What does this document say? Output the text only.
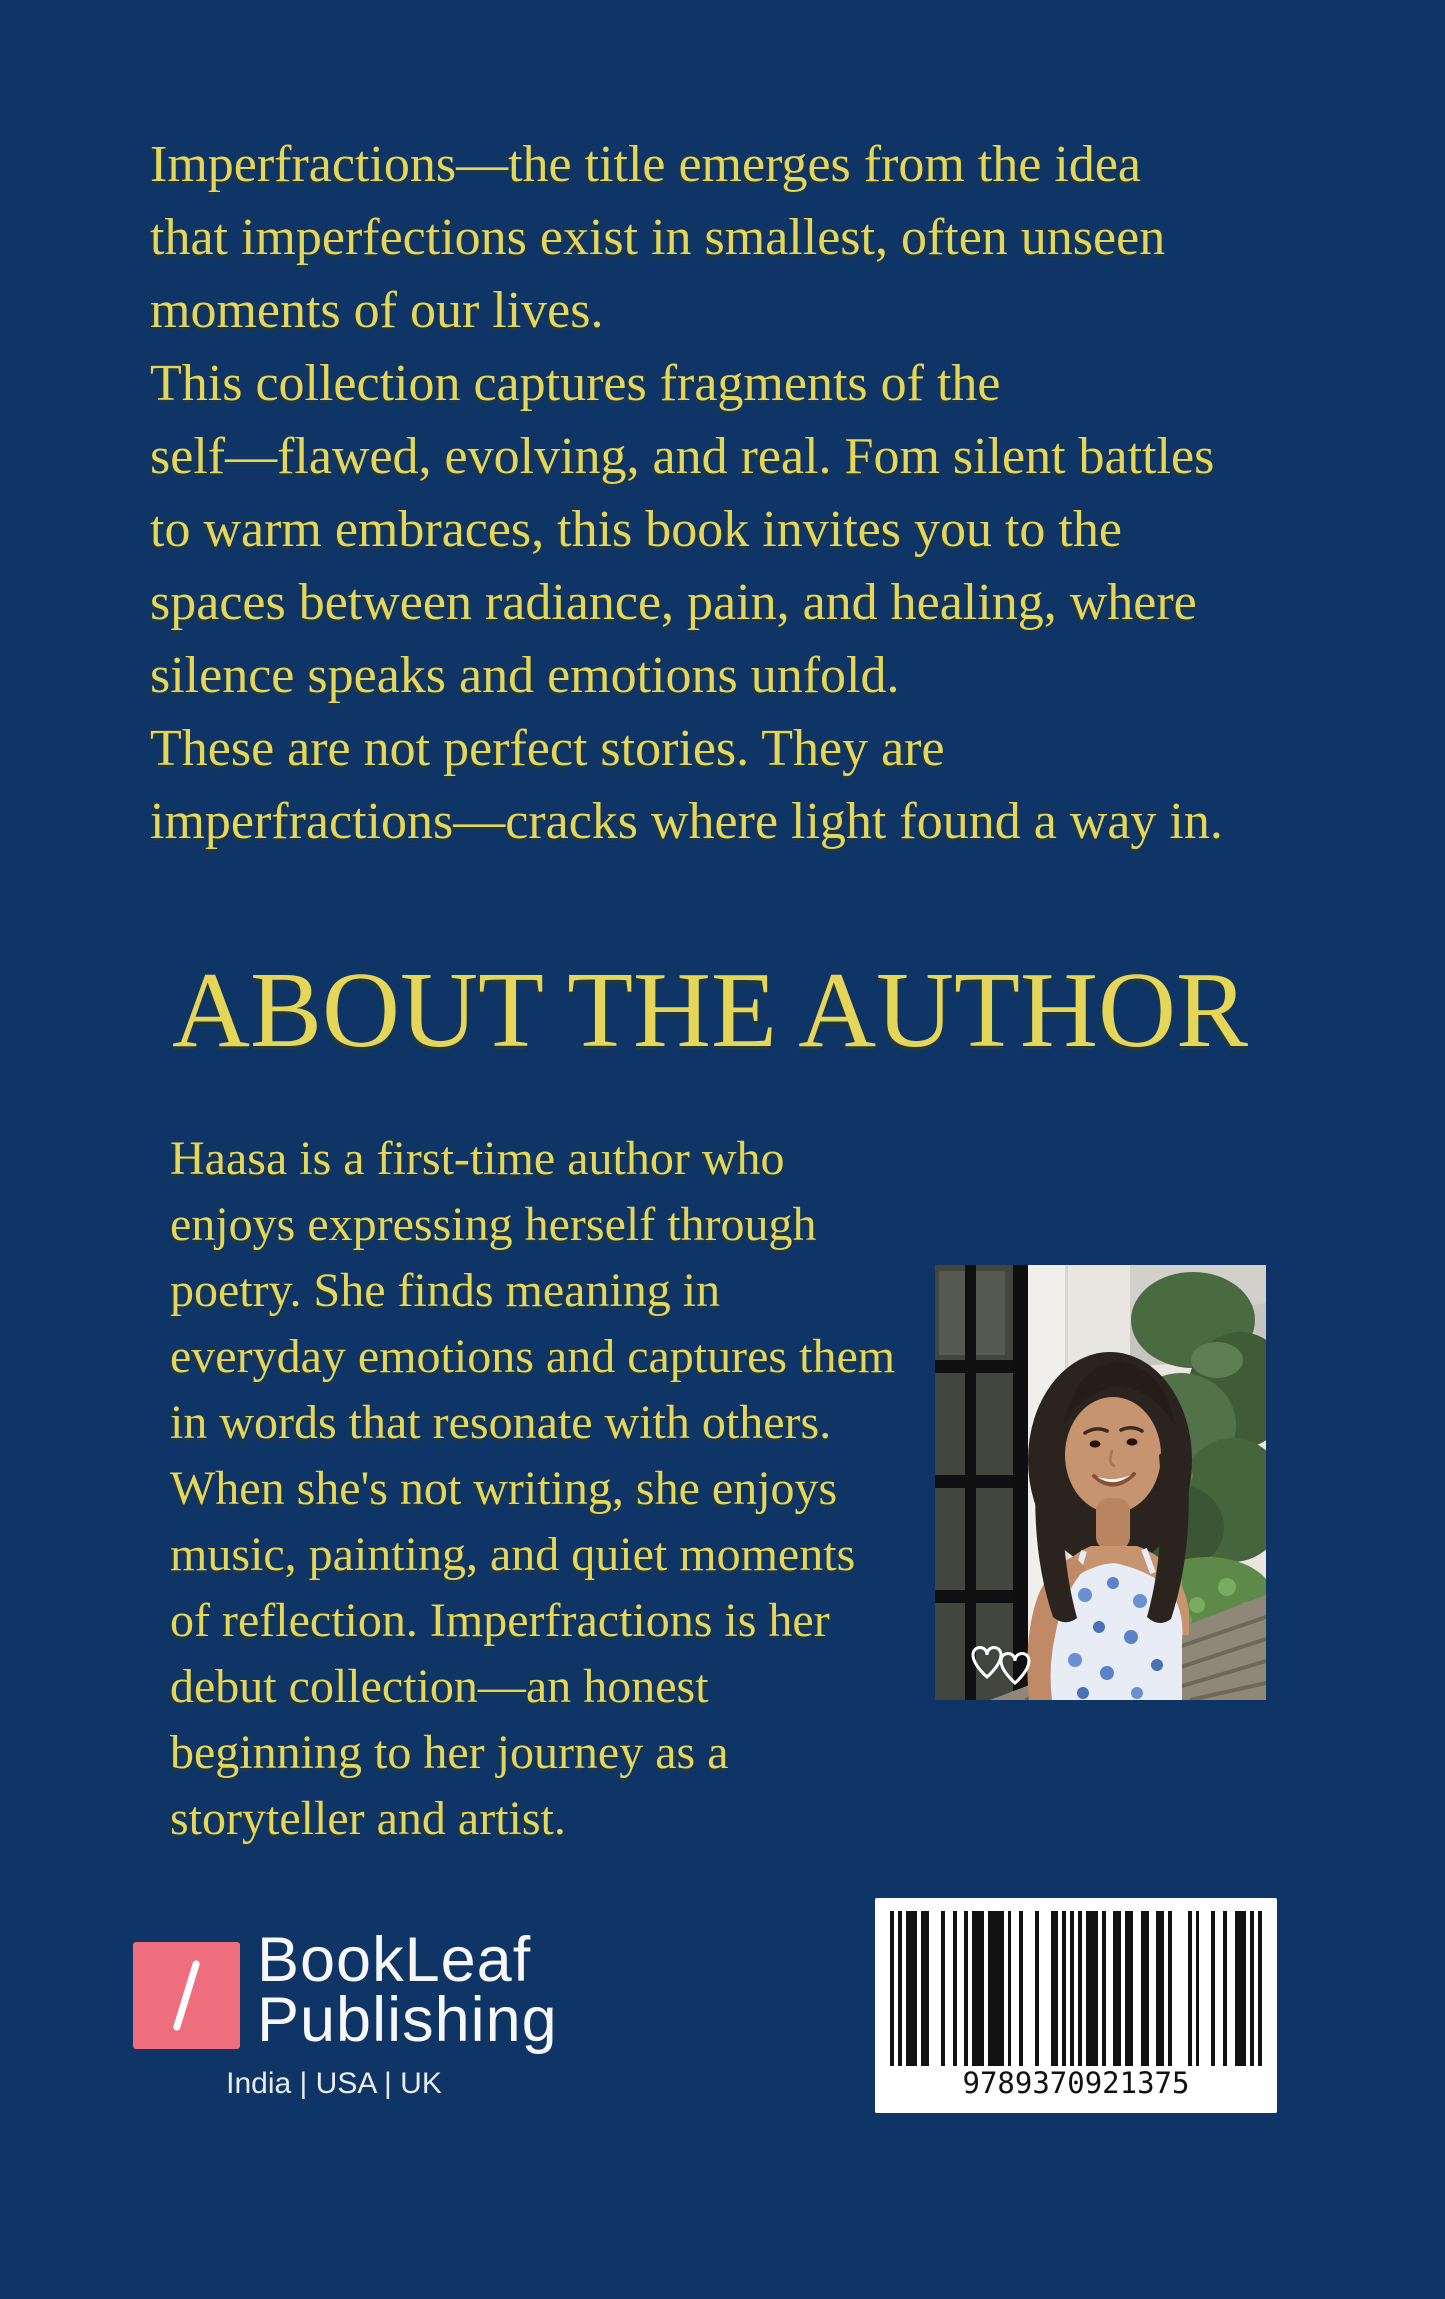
Imperfractions—the title emerges from the idea
that imperfections exist in smallest, often unseen
moments of our lives.
This collection captures fragments of the
self—flawed, evolving, and real. Fom silent battles
to warm embraces, this book invites you to the
spaces between radiance, pain, and healing, where
silence speaks and emotions unfold.
These are not perfect stories. They are
imperfractions—cracks where light found a way in.
ABOUT THE AUTHOR
Haasa is a first-time author who
enjoys expressing herself through
poetry. She finds meaning in
everyday emotions and captures them
in words that resonate with others.
When she's not writing, she enjoys
music, painting, and quiet moments
of reflection. Imperfractions is her
debut collection—an honest
beginning to her journey as a
storyteller and artist.
BookLeaf
Publishing
India | USA | UK	9789370921375
